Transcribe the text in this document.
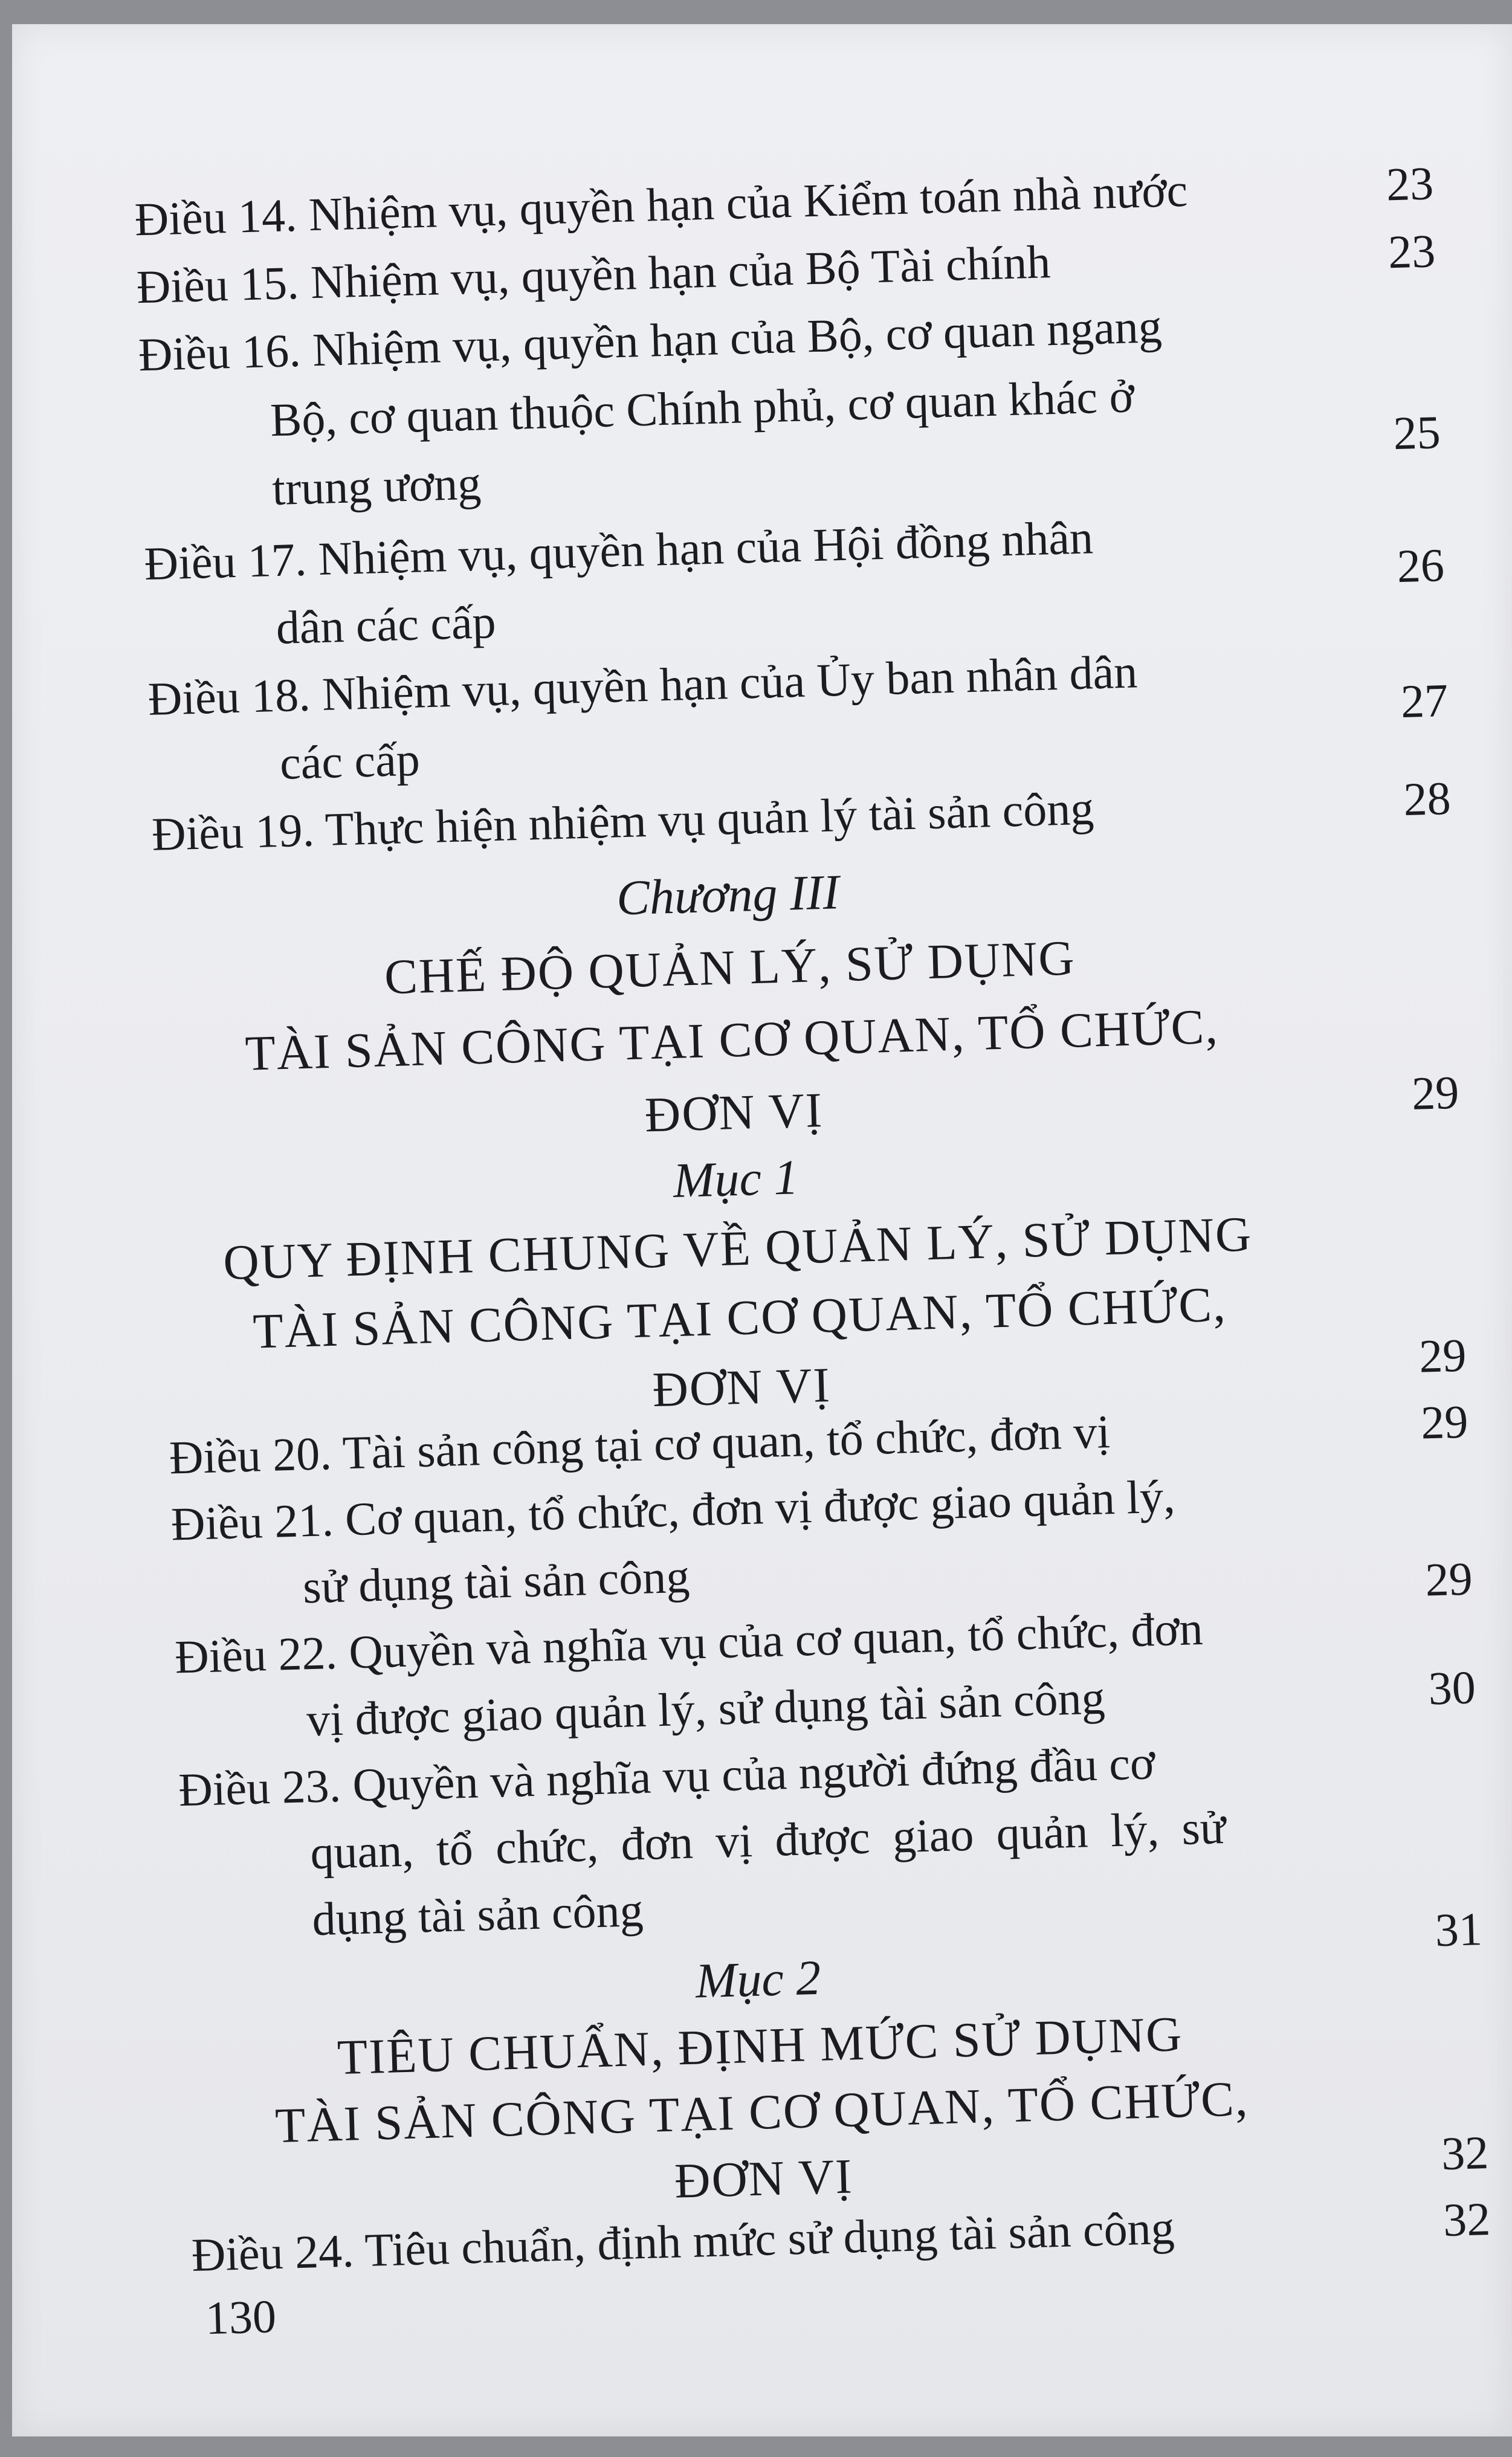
Điều 14. Nhiệm vụ, quyền hạn của Kiểm toán nhà nước	23
Điều 15. Nhiệm vụ, quyền hạn của Bộ Tài chính	23
Điều 16. Nhiệm vụ, quyền hạn của Bộ, cơ quan ngang
Bộ, cơ quan thuộc Chính phủ, cơ quan khác ở
trung ương
25
Điều 17. Nhiệm vụ, quyền hạn của Hội đồng nhân
dân các cấp
26
Điều 18. Nhiệm vụ, quyền hạn của Ủy ban nhân dân
các cấp
27
Điều 19. Thực hiện nhiệm vụ quản lý tài sản công	28
Chương III
CHẾ ĐỘ QUẢN LÝ, SỬ DỤNG
TÀI SẢN CÔNG TẠI CƠ QUAN, TỔ CHỨC,
ĐƠN VỊ	29
Mục 1
QUY ĐỊNH CHUNG VỀ QUẢN LÝ, SỬ DỤNG
TÀI SẢN CÔNG TẠI CƠ QUAN, TỔ CHỨC,
ĐƠN VỊ
29
Điều 20. Tài sản công tại cơ quan, tổ chức, đơn vị	29
Điều 21. Cơ quan, tổ chức, đơn vị được giao quản lý,
sử dụng tài sản công	29
Điều 22. Quyền và nghĩa vụ của cơ quan, tổ chức, đơn
vị được giao quản lý, sử dụng tài sản công	30
Điều 23. Quyền và nghĩa vụ của người đứng đầu cơ
quan, tổ chức, đơn vị được giao quản lý, sử
dụng tài sản công	31
Mục 2
TIÊU CHUẨN, ĐỊNH MỨC SỬ DỤNG
TÀI SẢN CÔNG TẠI CƠ QUAN, TỔ CHỨC,
ĐƠN VỊ	32
Điều 24. Tiêu chuẩn, định mức sử dụng tài sản công	32
130
